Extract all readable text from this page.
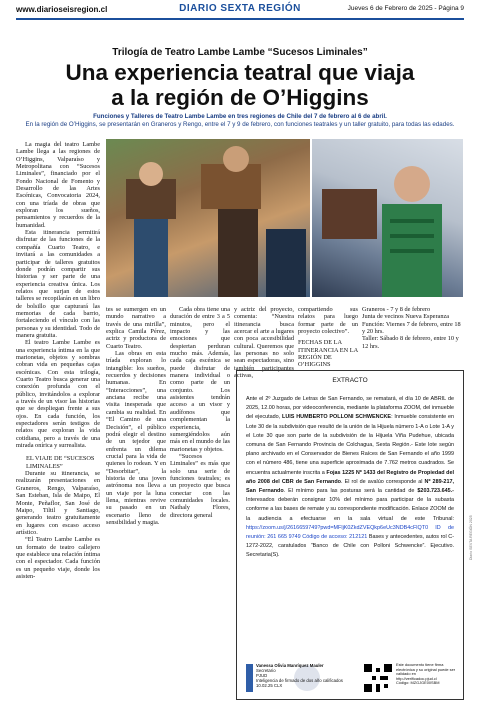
www.diarioseisregion.cl	DIARIO SEXTA REGIÓN	Jueves 6 de Febrero de 2025 - Página 9
Trilogía de Teatro Lambe Lambe “Sucesos Liminales”
Una experiencia teatral que viaja
a la región de O’Higgins
Funciones y Talleres de Teatro Lambe Lambe en tres regiones de Chile del 7 de febrero al 6 de abril.
En la región de O’Higgins, se presentarán en Graneros y Rengo, entre el 7 y 9 de febrero, con funciones teatrales y un taller gratuito, para todas las edades.

La magia del teatro Lambe Lambe llega a las regiones de O’Higgins, Valparaíso y Metropolitana con “Sucesos Liminales”, financiado por el Fondo Nacional de Fomento y Desarrollo de las Artes Escénicas, Convocatoria 2024, con una tríada de obras que exploran los sueños, pensamientos y recuerdos de la humanidad.

Esta itinerancia permitirá disfrutar de las funciones de la compañía Cuarto Teatro, e invitará a las comunidades a participar de talleres gratuitos donde podrán compartir sus historias y ser parte de una experiencia creativa única. Los relatos que surjan de estos talleres se recopilarán en un libro de bolsillo que capturará las memorias de cada barrio, fortaleciendo el vínculo con las personas y su identidad. Todo de manera gratuita.

El teatro Lambe Lambe es una experiencia íntima en la que marionetas, objetos y sombras cobran vida en pequeñas cajas escénicas. Con esta trilogía, Cuarto Teatro busca generar una conexión profunda con el público, invitándolos a explorar a través de un visor las historias que se despliegan frente a sus ojos. En cada función, los espectadores serán testigos de relatos que exploran la vida cotidiana, pero a través de una mirada onírica y surrealista.

EL VIAJE DE “SUCESOS LIMINALES”

Durante su itinerancia, se realizarán presentaciones en Graneros, Rengo, Valparaíso, San Esteban, Isla de Maipo, El Monte, Peñaflor, San José de Maipo, Tiltil y Santiago, generando teatro gratuitamente en lugares con escaso acceso artístico.

“El Teatro Lambe Lambe es un formato de teatro callejero que establece una relación íntima con el espectador. Cada función es un pequeño viaje, donde los asisten-

tes se sumergen en un mundo narrativo a través de una mirilla”, explica Camila Pérez, actriz y productora de Cuarto Teatro.

Las obras en esta tríada exploran lo intangible: los sueños, recuerdos y decisiones humanas. En “Interacciones”, una anciana recibe una visita inesperada que cambia su realidad. En “El Camino de una Decisión”, el público podrá elegir el destino de un tejedor que enfrenta un dilema crucial para la vida de quienes lo rodean. Y en “Desorbitar”, la historia de una joven astrónoma nos lleva a un viaje por la luna llena, mientras revive su pasado en un escenario lleno de sensibilidad y magia.

Cada obra tiene una duración de entre 3 a 5 minutos, pero el impacto y las emociones que despiertan perduran mucho más. Además, cada caja escénica se puede disfrutar de manera individual o como parte de un conjunto. Los asistentes tendrán acceso a un visor y audífonos que complementan la experiencia, sumergiéndolos aún más en el mundo de las marionetas y objetos.

“Sucesos Liminales” es más que solo una serie de funciones teatrales; es un proyecto que busca conectar con las comunidades locales. Nathaly Flores, directora general

y actriz del proyecto, comenta: “Nuestra itinerancia busca acercar el arte a lugares con poca accesibilidad cultural. Queremos que las personas no solo sean espectadoras, sino también participantes activas,

compartiendo sus relatos para luego formar parte de un proyecto colectivo”.

FECHAS DE LA ITINERANCIA EN LA REGIÓN DE O’HIGGINS

Graneros - 7 y 8 de febrero

Junta de vecinos Nueva Esperanza

Función: Viernes 7 de febrero, entre 18 y 20 hrs.

Taller: Sábado 8 de febrero, entre 10 y 12 hrs.

EXTRACTO
Ante el 2º Juzgado de Letras de San Fernando, se rematará, el día 10 de ABRIL de 2025, 12.00 horas, por videoconferencia, mediante la plataforma ZOOM, del inmueble del ejecutado, LUIS HUMBERTO POLLONI SCHWENCKE: Inmueble consistente en Lote 30 de la subdivisión que resultó de la unión de la Hijuela número 1-A o Lote 1-A y el Lote 30 que son parte de la subdivisión de la Hijuela Viña Pudehue, ubicada comuna de San Fernando Provincia de Colchagua, Sexta Región.- Este lote según plano archivado en el Conservador de Bienes Raíces de San Fernando el año 1999 con el número 486, tiene una superficie aproximada de 7.762 metros cuadrados. Se encuentra actualmente inscrita a Fojas 1225 Nº 1433 del Registro de Propiedad del año 2008 del CBR de San Fernando. El rol de avalúo corresponde al Nº 289-217, San Fernando. El mínimo para las posturas será la cantidad de $203.723.645.- Interesados deberán consignar 10% del mínimo para participar de la subasta conforme a las bases de remate y su correspondiente modificación. Enlace ZOOM de la audiencia a efectuarse en la sala virtual de este Tribunal: https://zoom.us/j/2616659749?pwd=MFljK0ZkdZVEQkp6eUc3NDB4cFlQT0 ID de reunión: 261 665 9749 Código de acceso: 212121 Bases y antecedentes, autos rol C-1272-2022, caratulados “Banco de Chile con Polloni Schwencke”. Ejecutivo. Secretaria(S).
Vanessa Olivia Manríquez Mauler
Secretario
PJUD
Inteligencia de firmado de dos año calificados
10.02.25 CLX
Este documento tiene firma electrónica y su original puede ser validado en http://verificadoc.pjud.cl
Código: MZGJGE00SBM
Diario SEXTA REGIÓN 2025
